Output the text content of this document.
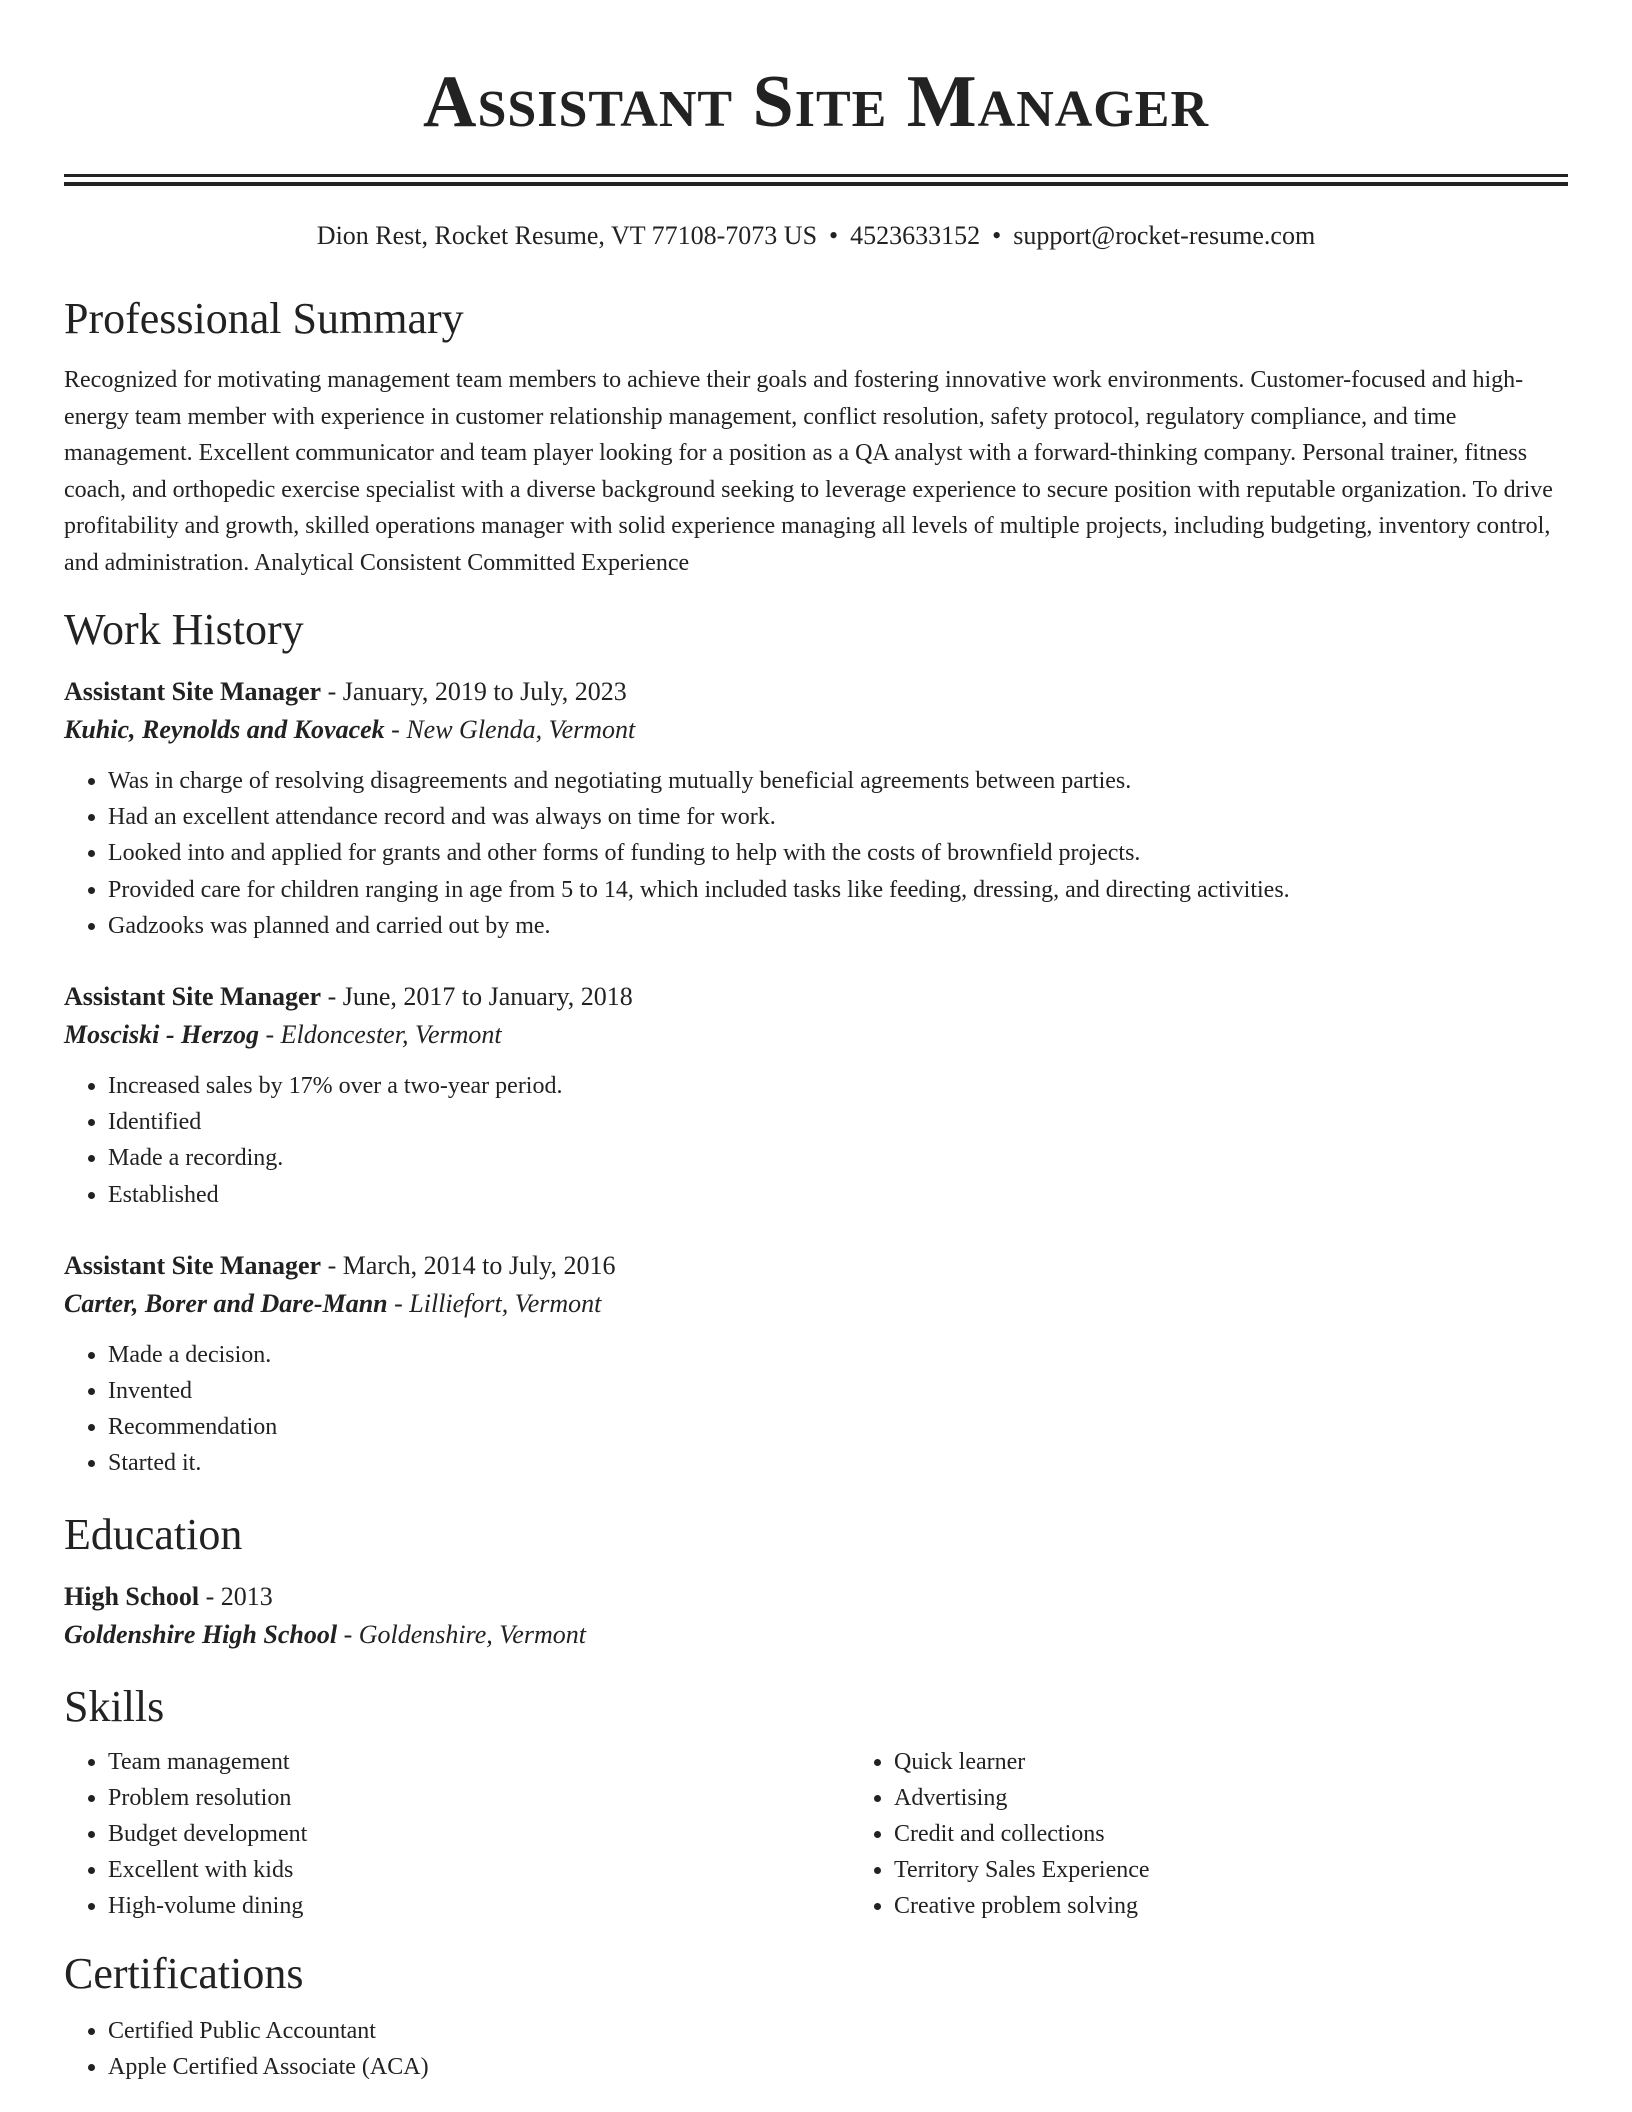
Assistant Site Manager
Dion Rest, Rocket Resume, VT 77108-7073 US • 4523633152 • support@rocket-resume.com
Professional Summary

Recognized for motivating management team members to achieve their goals and fostering innovative work environments. Customer-focused and high-energy team member with experience in customer relationship management, conflict resolution, safety protocol, regulatory compliance, and time management. Excellent communicator and team player looking for a position as a QA analyst with a forward-thinking company. Personal trainer, fitness coach, and orthopedic exercise specialist with a diverse background seeking to leverage experience to secure position with reputable organization. To drive profitability and growth, skilled operations manager with solid experience managing all levels of multiple projects, including budgeting, inventory control, and administration. Analytical Consistent Committed Experience

Work History
Assistant Site Manager - January, 2019 to July, 2023
Kuhic, Reynolds and Kovacek - New Glenda, Vermont
• Was in charge of resolving disagreements and negotiating mutually beneficial agreements between parties.
• Had an excellent attendance record and was always on time for work.
• Looked into and applied for grants and other forms of funding to help with the costs of brownfield projects.
• Provided care for children ranging in age from 5 to 14, which included tasks like feeding, dressing, and directing activities.
• Gadzooks was planned and carried out by me.
Assistant Site Manager - June, 2017 to January, 2018
Mosciski - Herzog - Eldoncester, Vermont
• Increased sales by 17% over a two-year period.
• Identified
• Made a recording.
• Established
Assistant Site Manager - March, 2014 to July, 2016
Carter, Borer and Dare-Mann - Lilliefort, Vermont
• Made a decision.
• Invented
• Recommendation
• Started it.
Education
High School - 2013
Goldenshire High School - Goldenshire, Vermont
Skills
• Team management
• Problem resolution
• Budget development
• Excellent with kids
• High-volume dining
• Quick learner
• Advertising
• Credit and collections
• Territory Sales Experience
• Creative problem solving
Certifications
• Certified Public Accountant
• Apple Certified Associate (ACA)
